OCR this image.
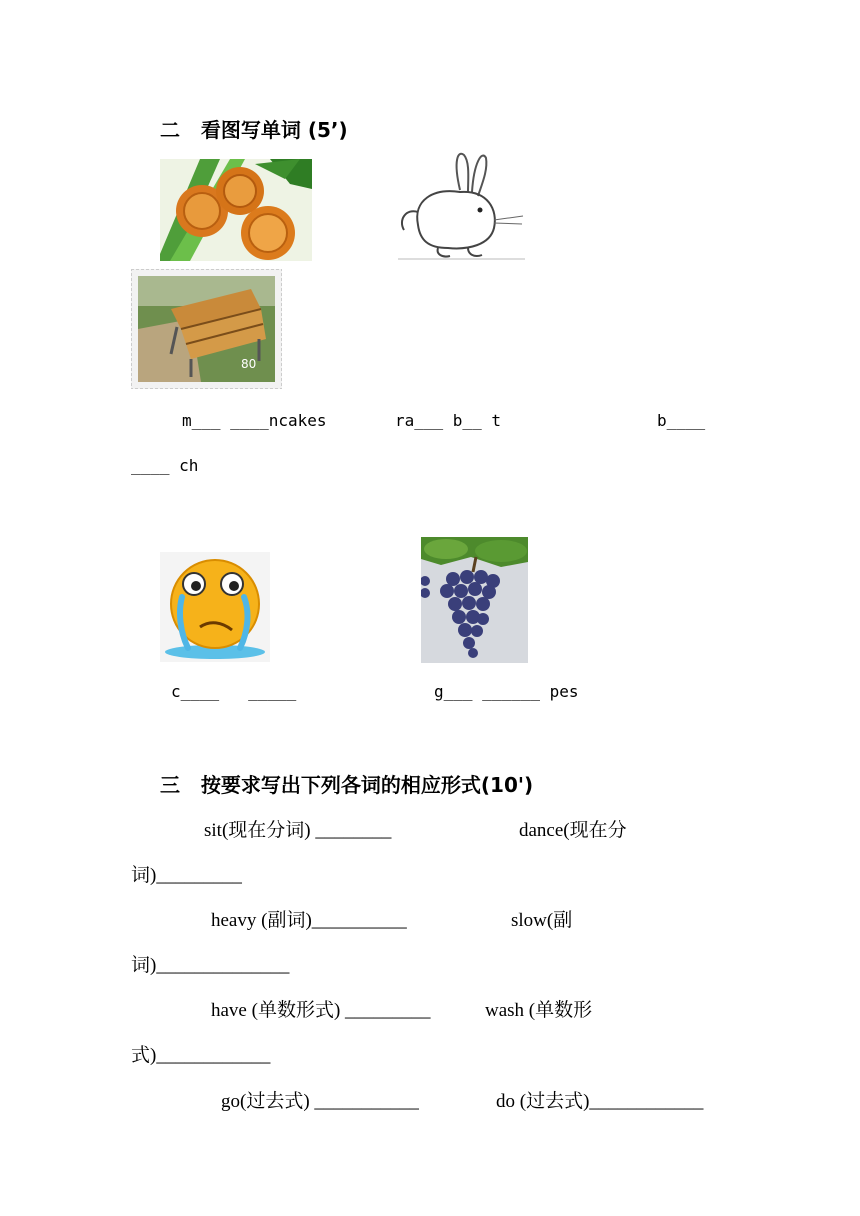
二   看图写单词 (5’)
80
m___ ____ncakes	ra___ b__ t	b____
____ ch
c____   _____	g___ ______ pes
三   按要求写出下列各词的相应形式(10')
sit(现在分词) ________	dance(现在分
词)_________
heavy (副词)__________	slow(副
词)______________
have (单数形式) _________	wash (单数形
式)____________
go(过去式) ___________	do (过去式)____________
